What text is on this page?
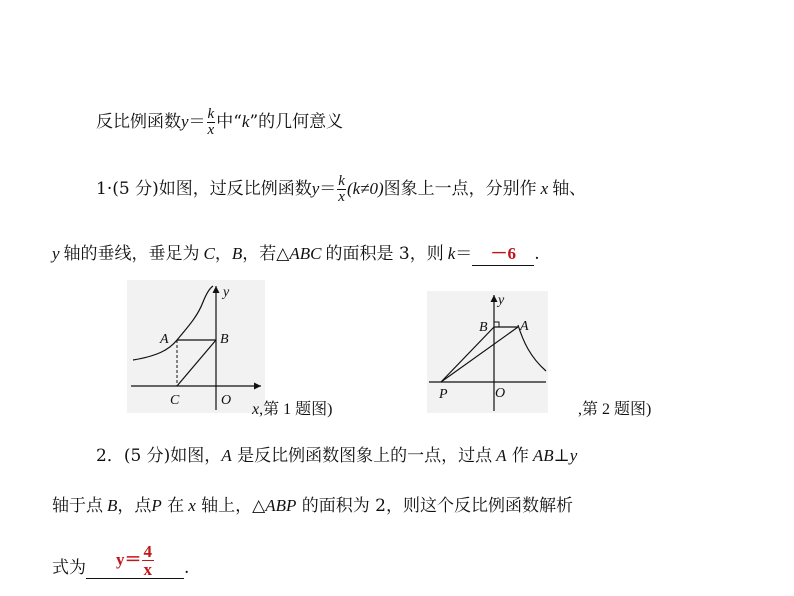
反比例函数$y= \frac{k}{x}$ 中“k”的几何意义
1·(5 分)如图，过反比例函数$y= \frac{k}{x} (k\ne 0)$图象上一点，分别作 x 轴、
y 轴的垂线，垂足为 C，B，若△ABC 的面积是 3，则 k＝ －6 .
A	B
C	O
y
x,第 1 题图)
A
B
P	O
y
,第 2 题图)
2．(5 分)如图，A 是反比例函数图象上的一点，过点 A 作 AB⊥y
轴于点 B，点P 在 x 轴上，△ABP 的面积为 2，则这个反比例函数解析
式为 $y= \frac{4}{x}$ .
